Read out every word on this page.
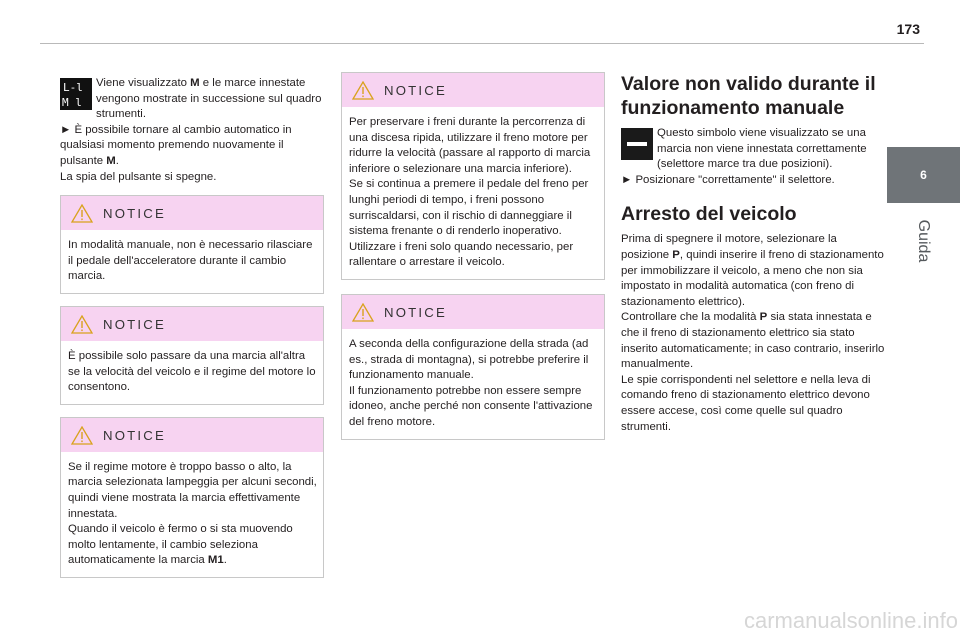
173
6
Guida
L-l
M l

Viene visualizzato M e le marce innestate vengono mostrate in successione sul quadro strumenti.

► È possibile tornare al cambio automatico in qualsiasi momento premendo nuovamente il pulsante M.

La spia del pulsante si spegne.

NOTICE
In modalità manuale, non è necessario rilasciare il pedale dell'acceleratore durante il cambio marcia.
NOTICE
È possibile solo passare da una marcia all'altra se la velocità del veicolo e il regime del motore lo consentono.
NOTICE

Se il regime motore è troppo basso o alto, la marcia selezionata lampeggia per alcuni secondi, quindi viene mostrata la marcia effettivamente innestata.

Quando il veicolo è fermo o si sta muovendo molto lentamente, il cambio seleziona automaticamente la marcia M1.

NOTICE

Per preservare i freni durante la percorrenza di una discesa ripida, utilizzare il freno motore per ridurre la velocità (passare al rapporto di marcia inferiore o selezionare una marcia inferiore).

Se si continua a premere il pedale del freno per lunghi periodi di tempo, i freni possono surriscaldarsi, con il rischio di danneggiare il sistema frenante o di renderlo inoperativo.

Utilizzare i freni solo quando necessario, per rallentare o arrestare il veicolo.

NOTICE

A seconda della configurazione della strada (ad es., strada di montagna), si potrebbe preferire il funzionamento manuale.

Il funzionamento potrebbe non essere sempre idoneo, anche perché non consente l'attivazione del freno motore.

Valore non valido durante il funzionamento manuale

Questo simbolo viene visualizzato se una marcia non viene innestata correttamente (selettore marce tra due posizioni).

► Posizionare "correttamente" il selettore.

Arresto del veicolo

Prima di spegnere il motore, selezionare la posizione P, quindi inserire il freno di stazionamento per immobilizzare il veicolo, a meno che non sia impostato in modalità automatica (con freno di stazionamento elettrico).

Controllare che la modalità P sia stata innestata e che il freno di stazionamento elettrico sia stato inserito automaticamente; in caso contrario, inserirlo manualmente.

Le spie corrispondenti nel selettore e nella leva di comando freno di stazionamento elettrico devono essere accese, così come quelle sul quadro strumenti.

carmanualsonline.info
